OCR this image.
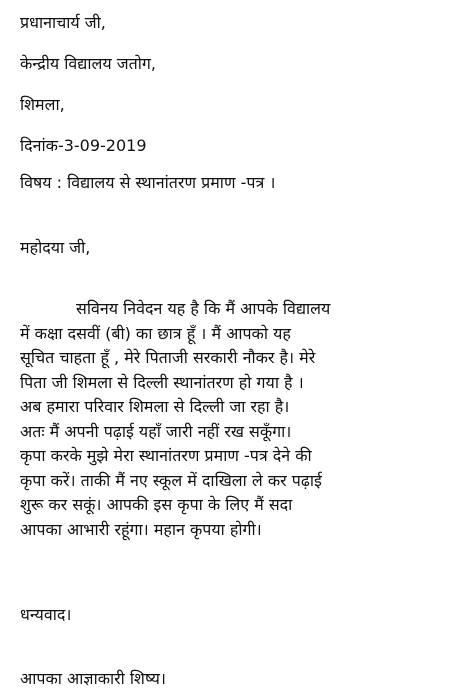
प्रधानाचार्य जी,
केन्द्रीय विद्यालय जतोग,
शिमला,
दिनांक-3-09-2019
विषय : विद्यालय से स्थानांतरण प्रमाण -पत्र ।
महोदया जी,
सविनय निवेदन यह है कि मैं आपके विद्यालय
में कक्षा दसवीं (बी) का छात्र हूँ । मैं आपको यह
सूचित चाहता हूँ , मेरे पिताजी सरकारी नौकर है। मेरे
पिता जी शिमला से दिल्ली स्थानांतरण हो गया है ।
अब हमारा परिवार शिमला से दिल्ली जा रहा है।
अतः मैं अपनी पढ़ाई यहाँ जारी नहीं रख सकूँगा।
कृपा करके मुझे मेरा स्थानांतरण प्रमाण -पत्र देने की
कृपा करें। ताकी मैं नए स्कूल में दाखिला ले कर पढ़ाई
शुरू कर सकूं। आपकी इस कृपा के लिए मैं सदा
आपका आभारी रहूंगा। महान कृपया होगी।
धन्यवाद।
आपका आज्ञाकारी शिष्य।
